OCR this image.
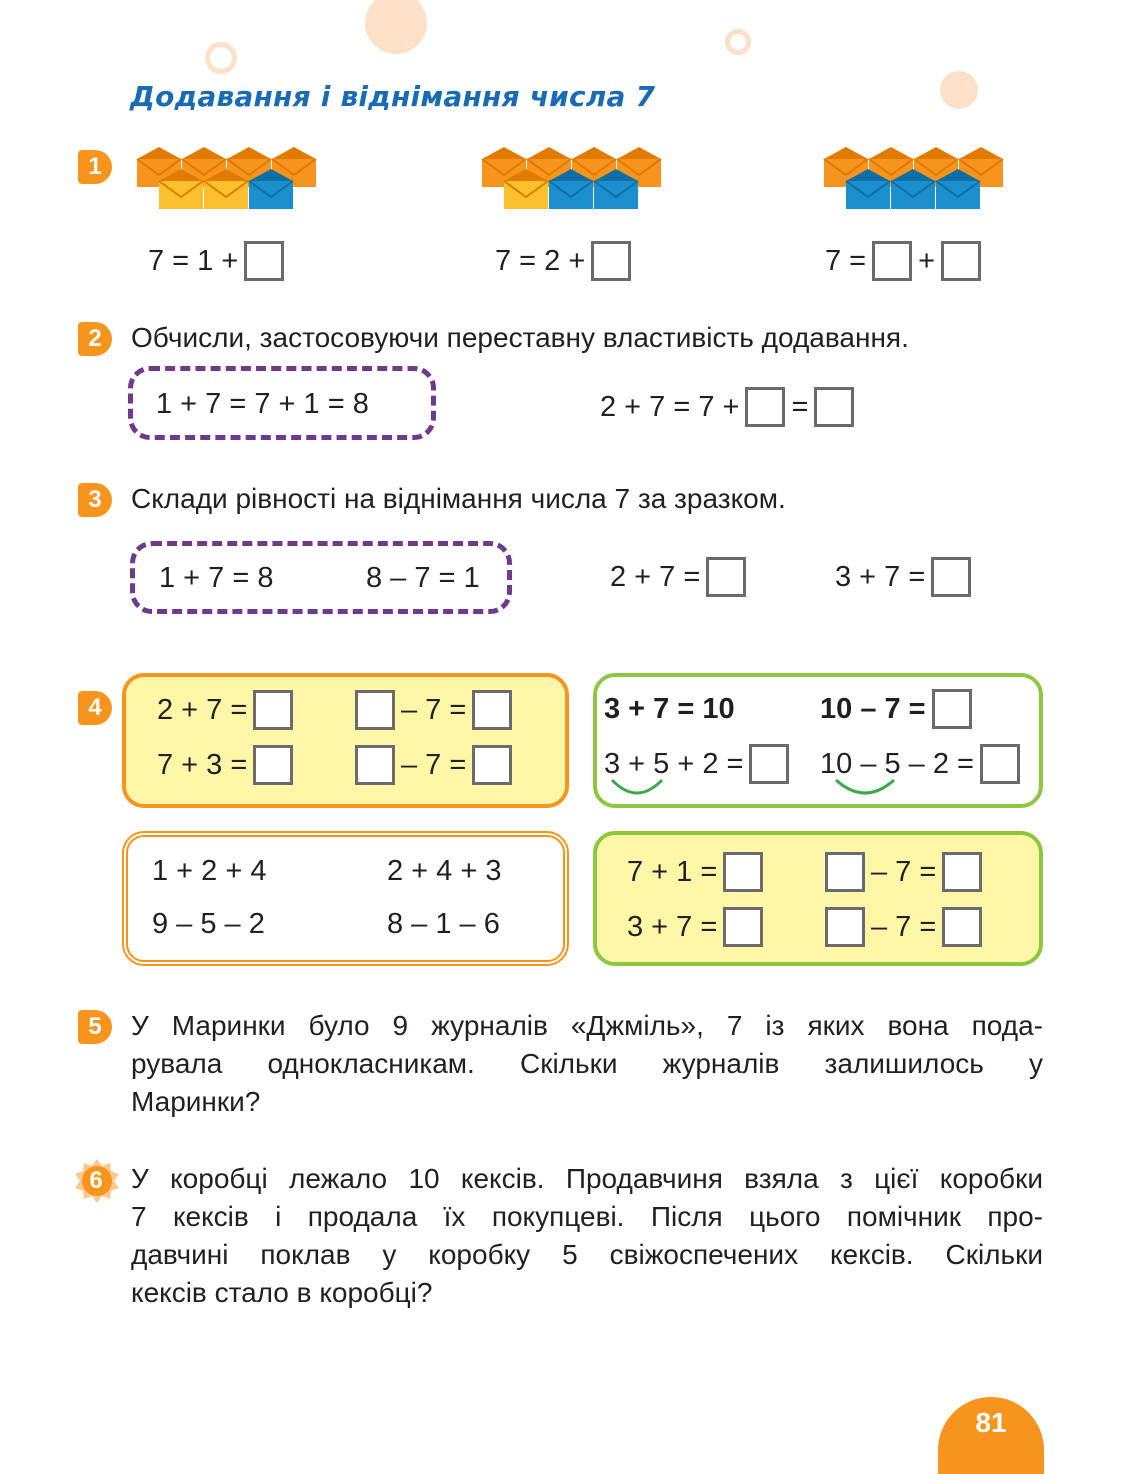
Додавання і віднімання числа 7
1
7 = 1 +	7 = 2 +	7 = +
2	Обчисли, застосовуючи переставну властивість додавання.
1 + 7 = 7 + 1 = 8	2 + 7 = 7 + =
3	Склади рівності на віднімання числа 7 за зразком.
1 + 7 = 8	8 – 7 = 1	2 + 7 =	3 + 7 =
4	2 + 7 =	– 7 =
7 + 3 =	– 7 =
3 + 7 = 10	10 – 7 =
3 + 5 + 2 =	10 – 5 – 2 =
1 + 2 + 4	2 + 4 + 3
9 – 5 – 2	8 – 1 – 6
7 + 1 =	– 7 =
3 + 7 =	– 7 =
5	У Маринки було 9 журналів «Джміль», 7 із яких вона пода-
рувала однокласникам. Скільки журналів залишилось у
Маринки?
6	У коробці лежало 10 кексів. Продавчиня взяла з цієї коробки
7 кексів і продала їх покупцеві. Після цього помічник про-
давчині поклав у коробку 5 свіжоспечених кексів. Скільки
кексів стало в коробці?
81
